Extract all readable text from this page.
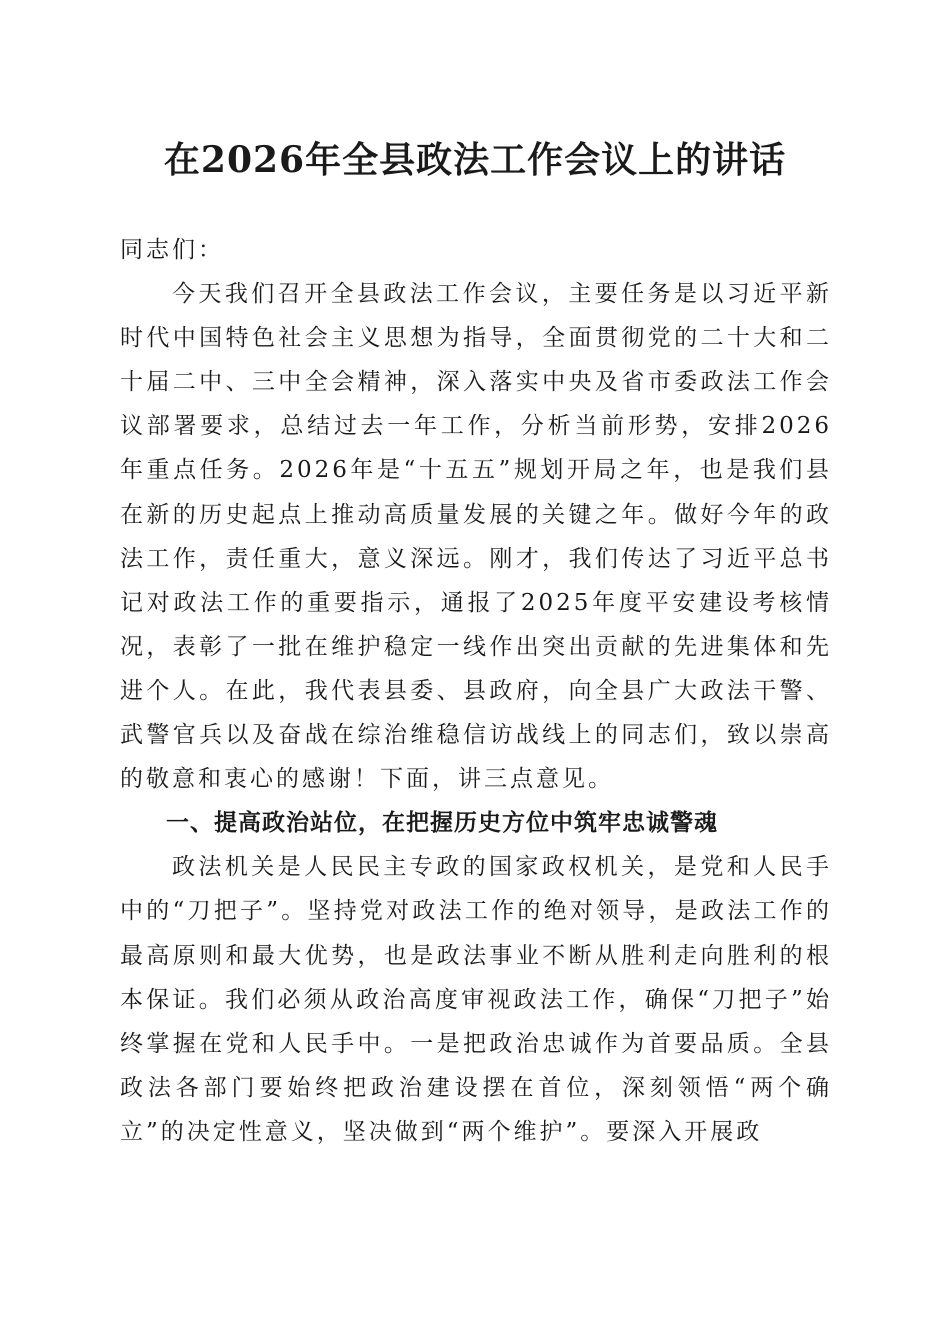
在2026年全县政法工作会议上的讲话

同志们：

今天我们召开全县政法工作会议，主要任务是以习近平新时代中国特色社会主义思想为指导，全面贯彻党的二十大和二十届二中、三中全会精神，深入落实中央及省市委政法工作会议部署要求，总结过去一年工作，分析当前形势，安排2026年重点任务。2026年是“十五五”规划开局之年，也是我们县在新的历史起点上推动高质量发展的关键之年。做好今年的政法工作，责任重大，意义深远。刚才，我们传达了习近平总书记对政法工作的重要指示，通报了2025年度平安建设考核情况，表彰了一批在维护稳定一线作出突出贡献的先进集体和先进个人。在此，我代表县委、县政府，向全县广大政法干警、武警官兵以及奋战在综治维稳信访战线上的同志们，致以崇高的敬意和衷心的感谢！下面，讲三点意见。

一、提高政治站位，在把握历史方位中筑牢忠诚警魂

政法机关是人民民主专政的国家政权机关，是党和人民手中的“刀把子”。坚持党对政法工作的绝对领导，是政法工作的最高原则和最大优势，也是政法事业不断从胜利走向胜利的根本保证。我们必须从政治高度审视政法工作，确保“刀把子”始终掌握在党和人民手中。一是把政治忠诚作为首要品质。全县政法各部门要始终把政治建设摆在首位，深刻领悟“两个确立”的决定性意义，坚决做到“两个维护”。要深入开展政
